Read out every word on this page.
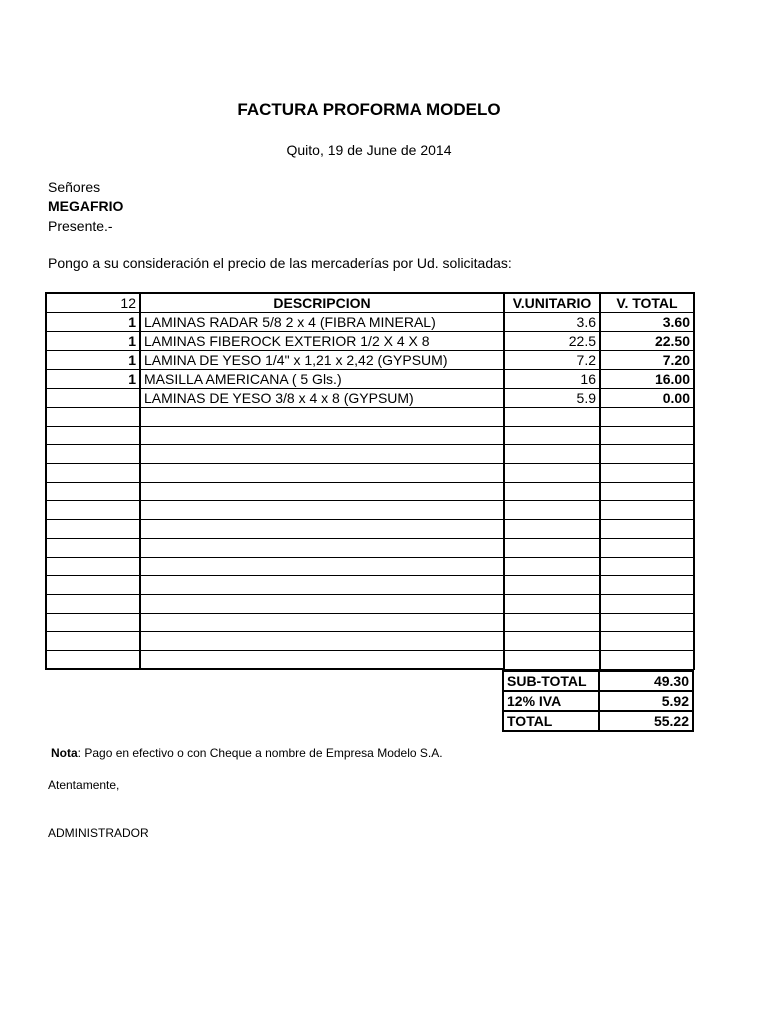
FACTURA PROFORMA MODELO
Quito, 19 de June de 2014
Señores
MEGAFRIO
Presente.-
Pongo a su consideración el precio de las mercaderías por Ud. solicitadas:
12	DESCRIPCION	V.UNITARIO	V. TOTAL
1	LAMINAS RADAR 5/8 2 x 4 (FIBRA MINERAL)	3.6	3.60
1	LAMINAS FIBEROCK EXTERIOR 1/2 X 4 X 8	22.5	22.50
1	LAMINA DE YESO 1/4" x 1,21 x 2,42 (GYPSUM)	7.2	7.20
1	MASILLA AMERICANA ( 5 Gls.)	16	16.00
	LAMINAS DE YESO 3/8 x 4 x 8 (GYPSUM)	5.9	0.00

SUB-TOTAL	49.30
12% IVA	5.92
TOTAL	55.22
Nota: Pago en efectivo o con Cheque a nombre de Empresa Modelo S.A.
Atentamente,
ADMINISTRADOR
